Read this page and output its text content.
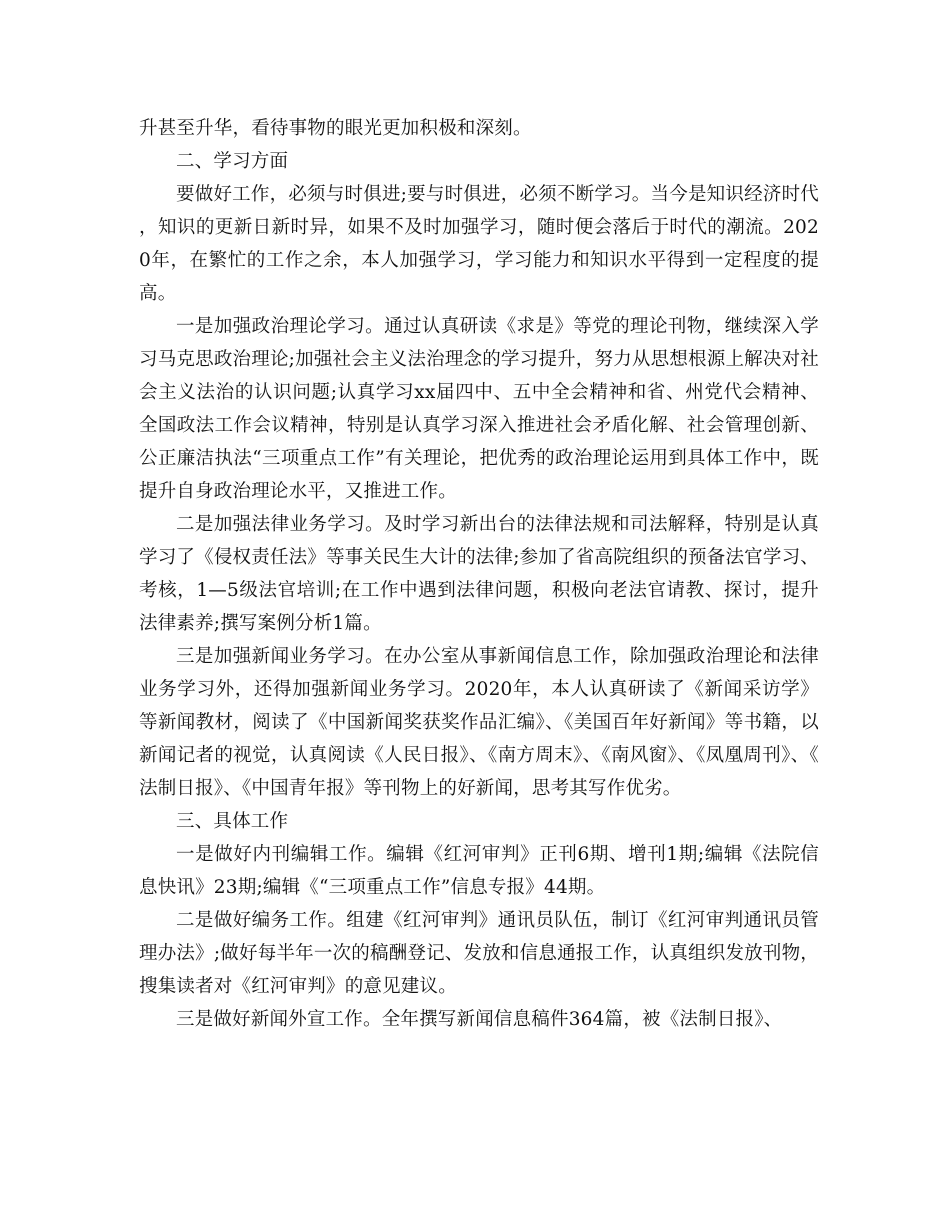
升甚至升华，看待事物的眼光更加积极和深刻。

二、学习方面

要做好工作，必须与时俱进;要与时俱进，必须不断学习。当今是知识经济时代，知识的更新日新时异，如果不及时加强学习，随时便会落后于时代的潮流。2020年，在繁忙的工作之余，本人加强学习，学习能力和知识水平得到一定程度的提高。

一是加强政治理论学习。通过认真研读《求是》等党的理论刊物，继续深入学习马克思政治理论;加强社会主义法治理念的学习提升，努力从思想根源上解决对社会主义法治的认识问题;认真学习xx届四中、五中全会精神和省、州党代会精神、全国政法工作会议精神，特别是认真学习深入推进社会矛盾化解、社会管理创新、公正廉洁执法“三项重点工作”有关理论，把优秀的政治理论运用到具体工作中，既提升自身政治理论水平，又推进工作。

二是加强法律业务学习。及时学习新出台的法律法规和司法解释，特别是认真学习了《侵权责任法》等事关民生大计的法律;参加了省高院组织的预备法官学习、考核，1—5级法官培训;在工作中遇到法律问题，积极向老法官请教、探讨，提升法律素养;撰写案例分析1篇。

三是加强新闻业务学习。在办公室从事新闻信息工作，除加强政治理论和法律业务学习外，还得加强新闻业务学习。2020年，本人认真研读了《新闻采访学》等新闻教材，阅读了《中国新闻奖获奖作品汇编》、《美国百年好新闻》等书籍，以新闻记者的视觉，认真阅读《人民日报》、《南方周末》、《南风窗》、《凤凰周刊》、《法制日报》、《中国青年报》等刊物上的好新闻，思考其写作优劣。

三、具体工作

一是做好内刊编辑工作。编辑《红河审判》正刊6期、增刊1期;编辑《法院信息快讯》23期;编辑《“三项重点工作”信息专报》44期。

二是做好编务工作。组建《红河审判》通讯员队伍，制订《红河审判通讯员管理办法》;做好每半年一次的稿酬登记、发放和信息通报工作，认真组织发放刊物，搜集读者对《红河审判》的意见建议。

三是做好新闻外宣工作。全年撰写新闻信息稿件364篇，被《法制日报》、
